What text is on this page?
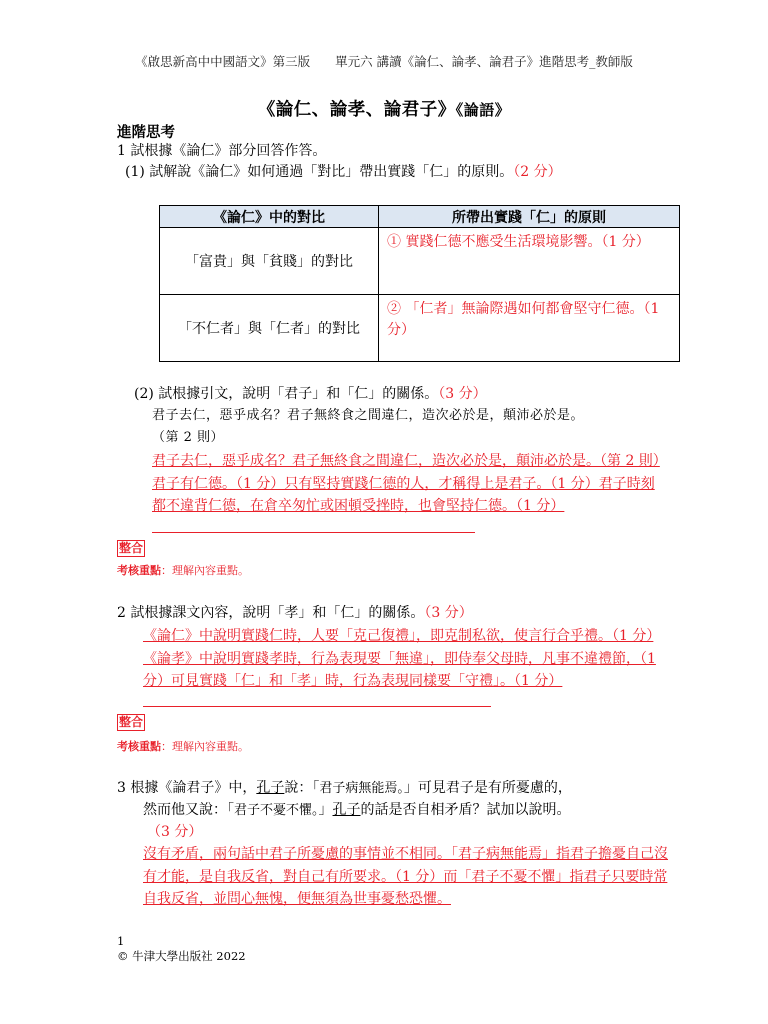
《啟思新高中中國語文》第三版　　單元六 講讀《論仁、論孝、論君子》進階思考_教師版
《論仁、論孝、論君子》《論語》
進階思考
1 試根據《論仁》部分回答作答。
(1) 試解說《論仁》如何通過「對比」帶出實踐「仁」的原則。（2 分）
《論仁》中的對比	所帶出實踐「仁」的原則
「富貴」與「貧賤」的對比	① 實踐仁德不應受生活環境影響。（1 分）
「不仁者」與「仁者」的對比	② 「仁者」無論際遇如何都會堅守仁德。（1 分）
(2) 試根據引文，說明「君子」和「仁」的關係。（3 分）
君子去仁，惡乎成名？君子無終食之間違仁，造次必於是，顛沛必於是。
（第 2 則）
君子去仁，惡乎成名？君子無終食之間違仁，造次必於是，顛沛必於是。（第 2 則）君子有仁德。（1 分）只有堅持實踐仁德的人，才稱得上是君子。（1 分）君子時刻都不違背仁德，在倉卒匆忙或困頓受挫時，也會堅持仁德。（1 分）
整合
考核重點：理解內容重點。
2 試根據課文內容，說明「孝」和「仁」的關係。（3 分）
《論仁》中說明實踐仁時，人要「克己復禮」，即克制私欲，使言行合乎禮。（1 分）《論孝》中說明實踐孝時，行為表現要「無違」，即侍奉父母時，凡事不違禮節，（1 分）可見實踐「仁」和「孝」時，行為表現同樣要「守禮」。（1 分）
整合
考核重點：理解內容重點。
3 根據《論君子》中，孔子說：「君子病無能焉。」可見君子是有所憂慮的，
然而他又說：「君子不憂不懼。」孔子的話是否自相矛盾？試加以說明。
（3 分）
沒有矛盾，兩句話中君子所憂慮的事情並不相同。「君子病無能焉」指君子擔憂自己沒有才能，是自我反省，對自己有所要求。（1 分）而「君子不憂不懼」指君子只要時常自我反省，並問心無愧，便無須為世事憂愁恐懼。
1
© 牛津大學出版社 2022
